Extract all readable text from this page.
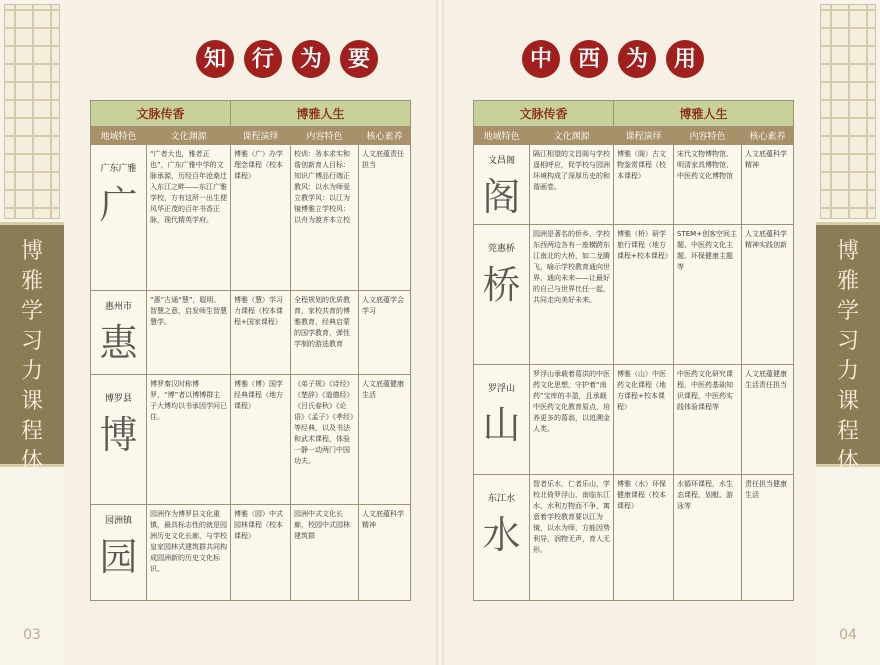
博
雅
学
习
力
课
程
体
03
知	行	为	要
文脉传香		博雅人生		
地域特色	文化渊源	课程演绎	内容特色	核心素养

广东广雅
广	“广者大也，雅者正也”，广东广雅中学的文脉承源，历经百年沧桑迁入东江之畔——东江广雅学校，方有这所一出生便风华正茂的百年书香正脉，现代精英学府。	博雅（广）办学理念课程（校本课程）	校训：务本求实和谐创新育人目标：知识广博品行端正教风：以水为师爱立教学风：以江为镜博雅立学校风：以舟为渡齐本立校	人文底蕴责任担当

惠州市
惠	“惠”古通“慧”，聪明、智慧之意，启发师生智慧慧学。	博雅（慧）学习力课程（校本课程+国家课程）	全程规划的优质教育，家校共育的博雅教育，经典启蒙的国学教育，弹性学制的游选教育	人文底蕴学会学习

博罗县
博	博罗秦汉时称博罗，“博”者以博博群主子大博均以书承因学问已住。	博雅（博）国学经典课程（地方课程）	《弟子规》《诗经》《楚辞》《道德经》《吕氏春秋》《论语》《孟子》《孝经》等经典，以及书法和武术课程，体验一静一动两门中国功夫。	人文底蕴健康生活

园洲镇
园	园洲作为博罗县文化重镇，最具标志性的就是园洲历史文化长廊，与学校皇家园林式建筑群共同构成园洲新的历史文化标识。	博雅（园）中式园林课程（校本课程）	园洲中式文化长廊，校园中式园林建筑群	人文底蕴科学精神
博
雅
学
习
力
课
程
体
04
中	西	为	用
文脉传香		博雅人生		
地域特色	文化渊源	课程演绎	内容特色	核心素养

文昌阁
阁	隔江相望的文昌阁与学校遥相呼应，促学校与园洲环境构成了深厚历史的和谐画卷。	博雅（阁）古文物鉴赏课程（校本课程）	宋代文物博物馆、明清家具博物馆、中医药文化博物馆	人文底蕴科学精神

莞惠桥
桥	园洲是著名的侨乡，学校东西两边各有一座横跨东江南北的大桥，如二龙腾飞，喻示学校教育通向世界，通向未来——让最好的自己与世界比任一起，共同走向美好未来。	博雅（桥）研学旅行课程（地方课程+校本课程）	STEM+创客空间主题、中医药文化主题、环保健康主题等	人文底蕴科学精神实践创新

罗浮山
山	罗浮山承载着葛洪的中医药文化思想，守护着“南药”宝库的丰盈，且承载中医药文化教育原点，培养更多的葛翁，以追溯金人类。	博雅（山）中医药文化课程（地方课程+校本课程）	中医药文化研究课程，中医药基础知识课程，中医药实践体验课程等	人文底蕴健康生活责任担当

东江水
水	智者乐水，仁者乐山，学校北倚罗浮山，南临东江水，水利万物而不争，寓意着学校教育要以江为镜，以水为师，方能因势利导，润物无声，育人无形。	博雅（水）环保健康课程（校本课程）	水循环课程，水生态课程，划艇、游泳等	责任担当健康生活
